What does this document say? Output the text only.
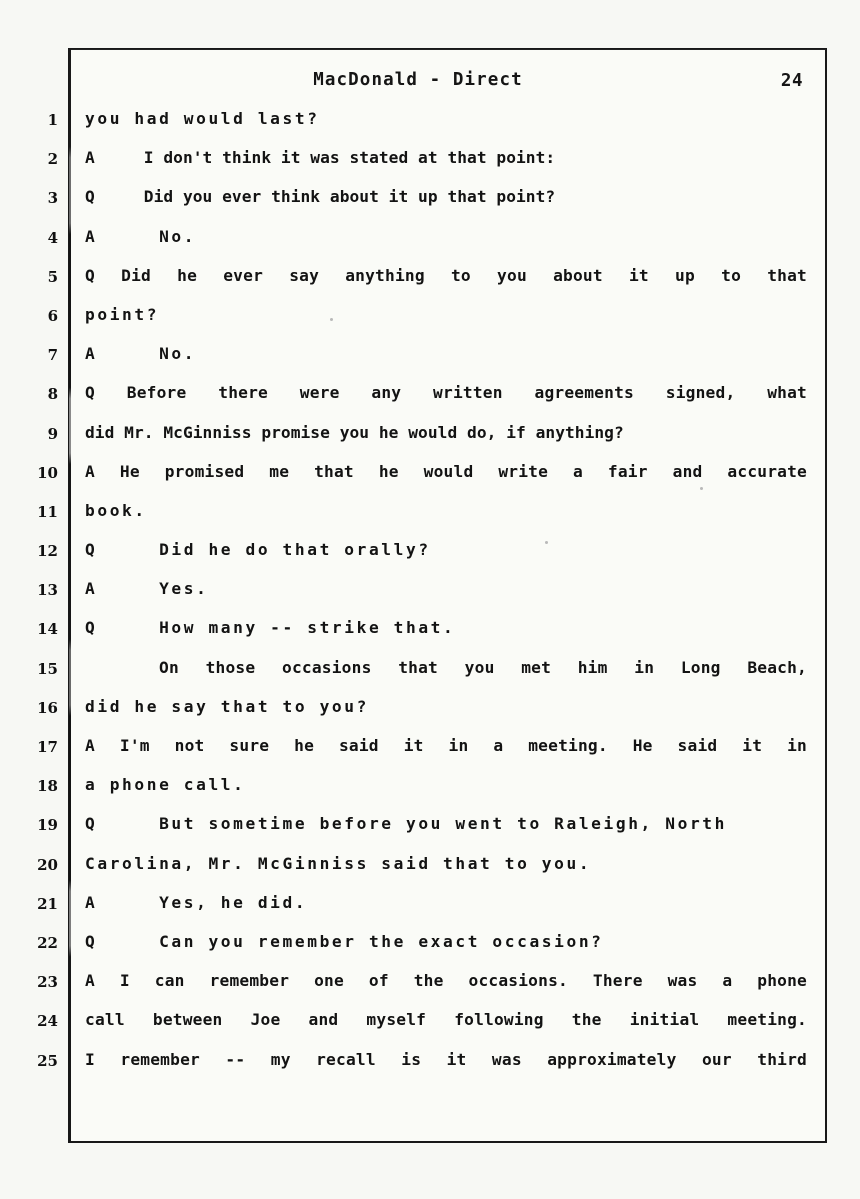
MacDonald - Direct	24
1 you had would last?
2 A     I don't think it was stated at that point:
3 Q     Did you ever think about it up that point?
4 A     No.
5 Q Did he ever say anything to you about it up to that
6 point?
7 A     No.
8 Q Before there were any written agreements signed, what
9 did Mr. McGinniss promise you he would do, if anything?
10 A He promised me that he would write a fair and accurate
11 book.
12 Q     Did he do that orally?
13 A     Yes.
14 Q     How many -- strike that.
15	On those occasions that you met him in Long Beach,
16 did he say that to you?
17 A I'm not sure he said it in a meeting. He said it in
18 a phone call.
19 Q     But sometime before you went to Raleigh, North
20 Carolina, Mr. McGinniss said that to you.
21 A     Yes, he did.
22 Q     Can you remember the exact occasion?
23 A I can remember one of the occasions. There was a phone
24 call between Joe and myself following the initial meeting.
25 I remember -- my recall is it was approximately our third
